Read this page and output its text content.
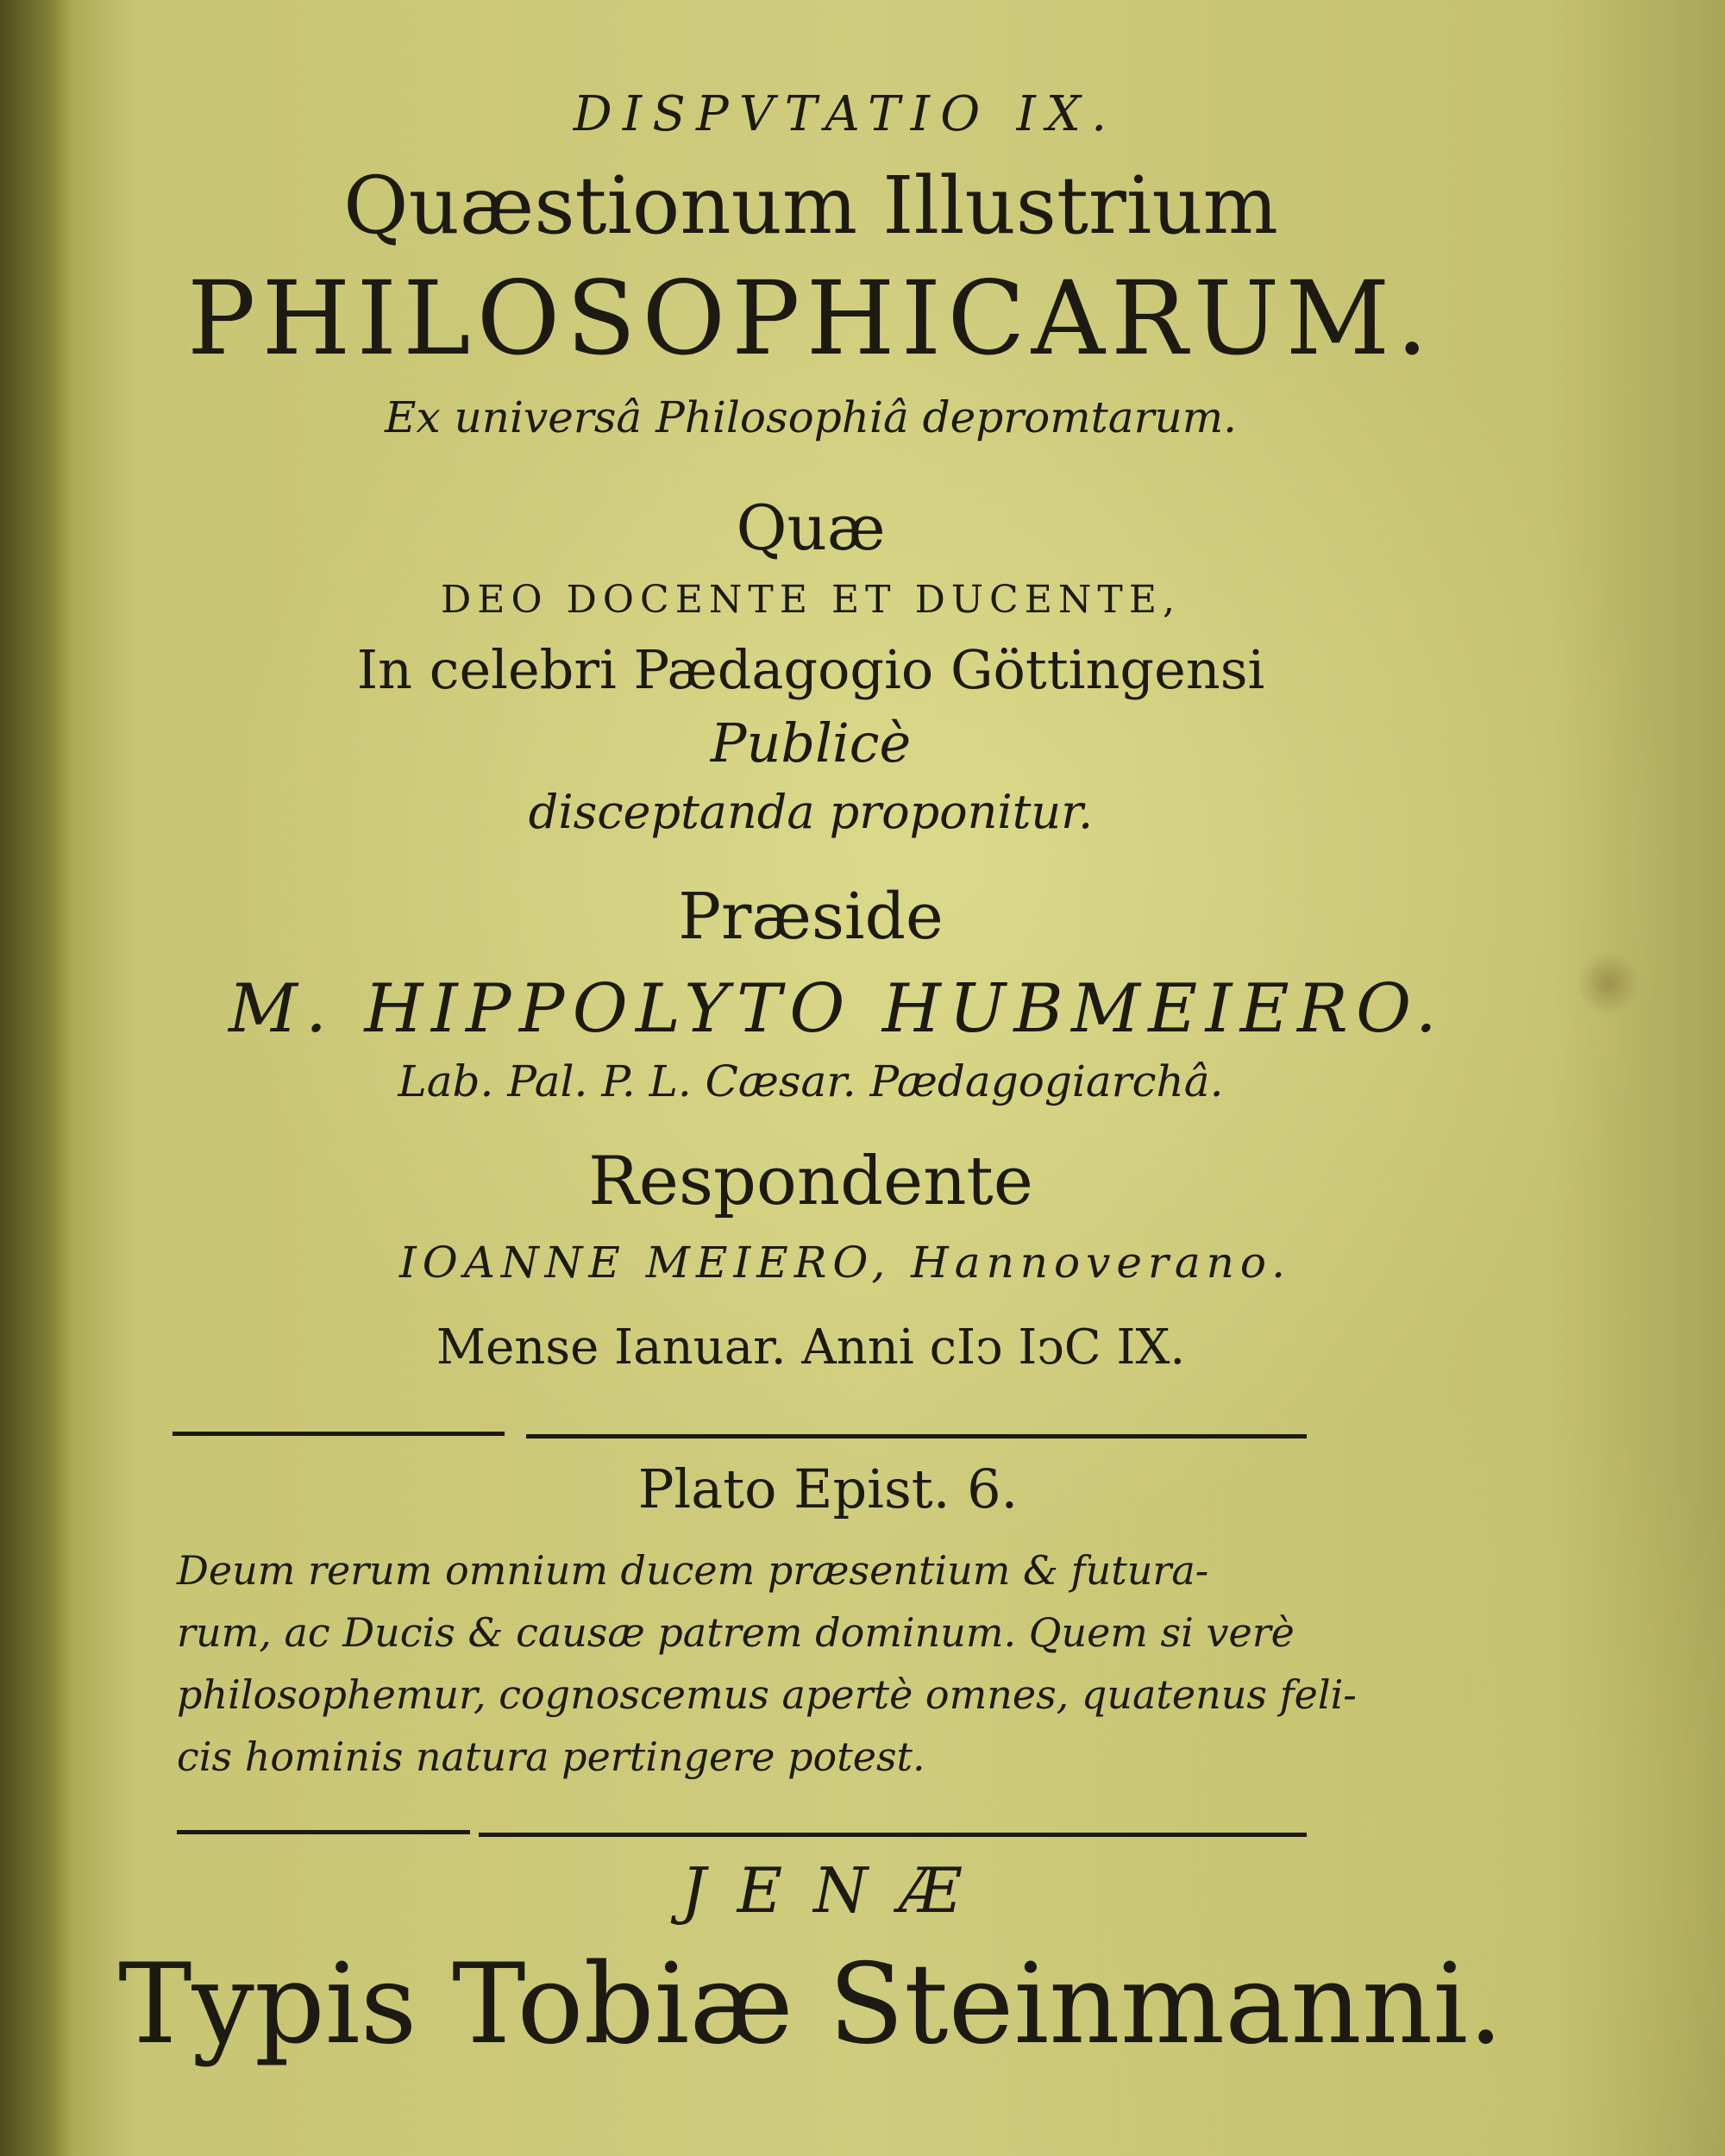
DISPVTATIO IX.
Quæstionum Illustrium
PHILOSOPHICARUM.
Ex universâ Philosophiâ depromtarum.
Quæ
DEO DOCENTE ET DUCENTE,
In celebri Pædagogio Göttingensi
Publicè
disceptanda proponitur.
Præside
M. HIPPOLYTO HUBMEIERO.
Lab. Pal. P. L. Cæsar. Pædagogiarchâ.
Respondente
IOANNE MEIERO, Hannoverano.
Mense Ianuar. Anni cIↄ IↄC IX.
Plato Epist. 6.
Deum rerum omnium ducem præsentium & futura-
rum, ac Ducis & causæ patrem dominum. Quem si verè
philosophemur, cognoscemus apertè omnes, quatenus feli-
cis hominis natura pertingere potest.
JENÆ
Typis Tobiæ Steinmanni.
